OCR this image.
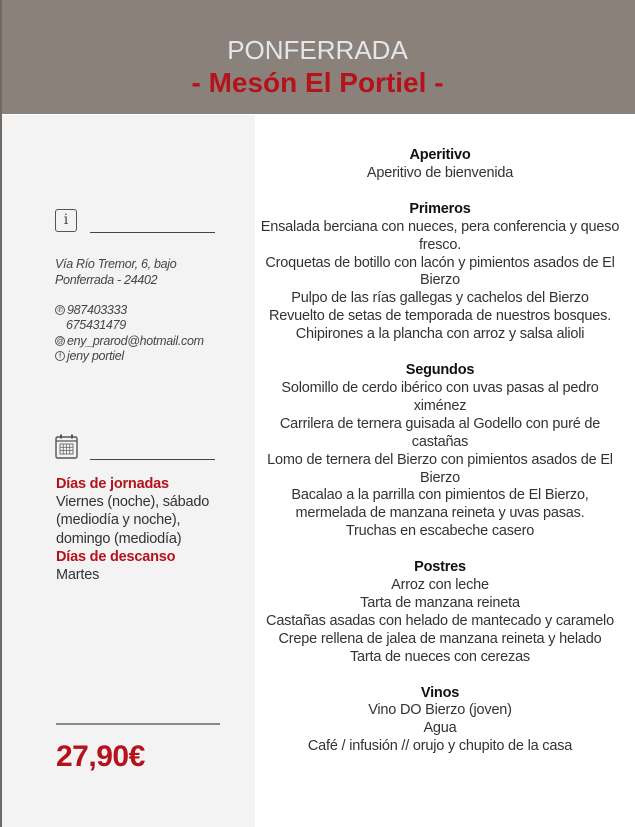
PONFERRADA
- Mesón El Portiel -
i
Vía Río Tremor, 6, bajo
Ponferrada - 24402
✆ 987403333
675431479
@ eny_prarod@hotmail.com
f jeny portiel
Días de jornadas
Viernes (noche), sábado
(mediodía y noche),
domingo (mediodía)
Días de descanso
Martes
27,90€
Aperitivo
Aperitivo de bienvenida
Primeros
Ensalada berciana con nueces, pera conferencia y queso fresco.
Croquetas de botillo con lacón y pimientos asados de El Bierzo
Pulpo de las rías gallegas y cachelos del Bierzo
Revuelto de setas de temporada de nuestros bosques.
Chipirones a la plancha con arroz y salsa alioli
Segundos
Solomillo de cerdo ibérico con uvas pasas al pedro ximénez
Carrilera de ternera guisada al Godello con puré de castañas
Lomo de ternera del Bierzo con pimientos asados de El Bierzo
Bacalao a la parrilla con pimientos de El Bierzo, mermelada de manzana reineta y uvas pasas.
Truchas en escabeche casero
Postres
Arroz con leche
Tarta de manzana reineta
Castañas asadas con helado de mantecado y caramelo
Crepe rellena de jalea de manzana reineta y helado
Tarta de nueces con cerezas
Vinos
Vino DO Bierzo (joven)
Agua
Café / infusión // orujo y chupito de la casa
